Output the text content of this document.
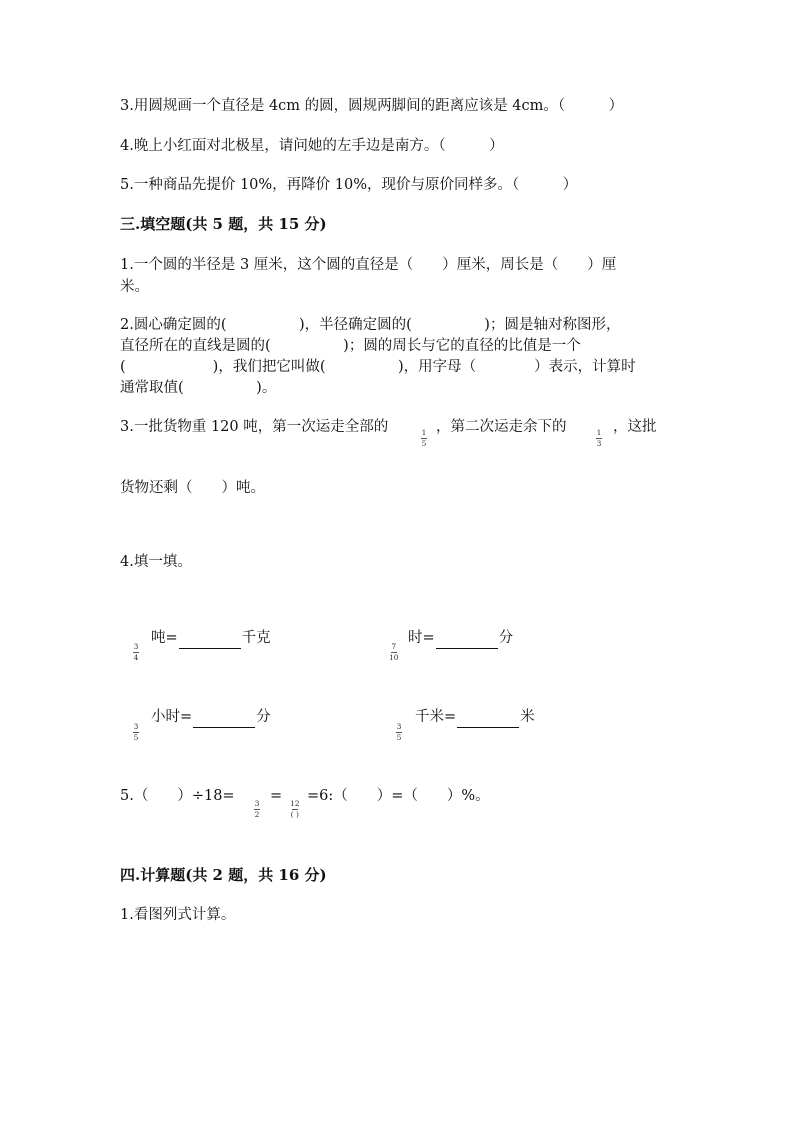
3.用圆规画一个直径是 4cm 的圆，圆规两脚间的距离应该是 4cm。（　　　）
4.晚上小红面对北极星，请问她的左手边是南方。（　　　）
5.一种商品先提价 10%，再降价 10%，现价与原价同样多。（　　　）
三.填空题(共 5 题，共 15 分)
1.一个圆的半径是 3 厘米，这个圆的直径是（　　）厘米，周长是（　　）厘
米。
2.圆心确定圆的(　　　　　)，半径确定圆的(　　　　　)；圆是轴对称图形，
直径所在的直线是圆的(　　　　　)；圆的周长与它的直径的比值是一个
(　　　　　　)，我们把它叫做(　　　　　)，用字母（　　　　）表示，计算时
通常取值(　　　　　)。
3.一批货物重 120 吨，第一次运走全部的	1
5
，第二次运走余下的	1
3
，这批
货物还剩（　　）吨。
4.填一填。
3
4
吨=	千克
7
10
时=	分
3
5
小时=	分
3
5
千米=	米
5.（　　）÷18=	3
2
= 12
( )
=6:（　　）=（　　）%。
四.计算题(共 2 题，共 16 分)
1.看图列式计算。
